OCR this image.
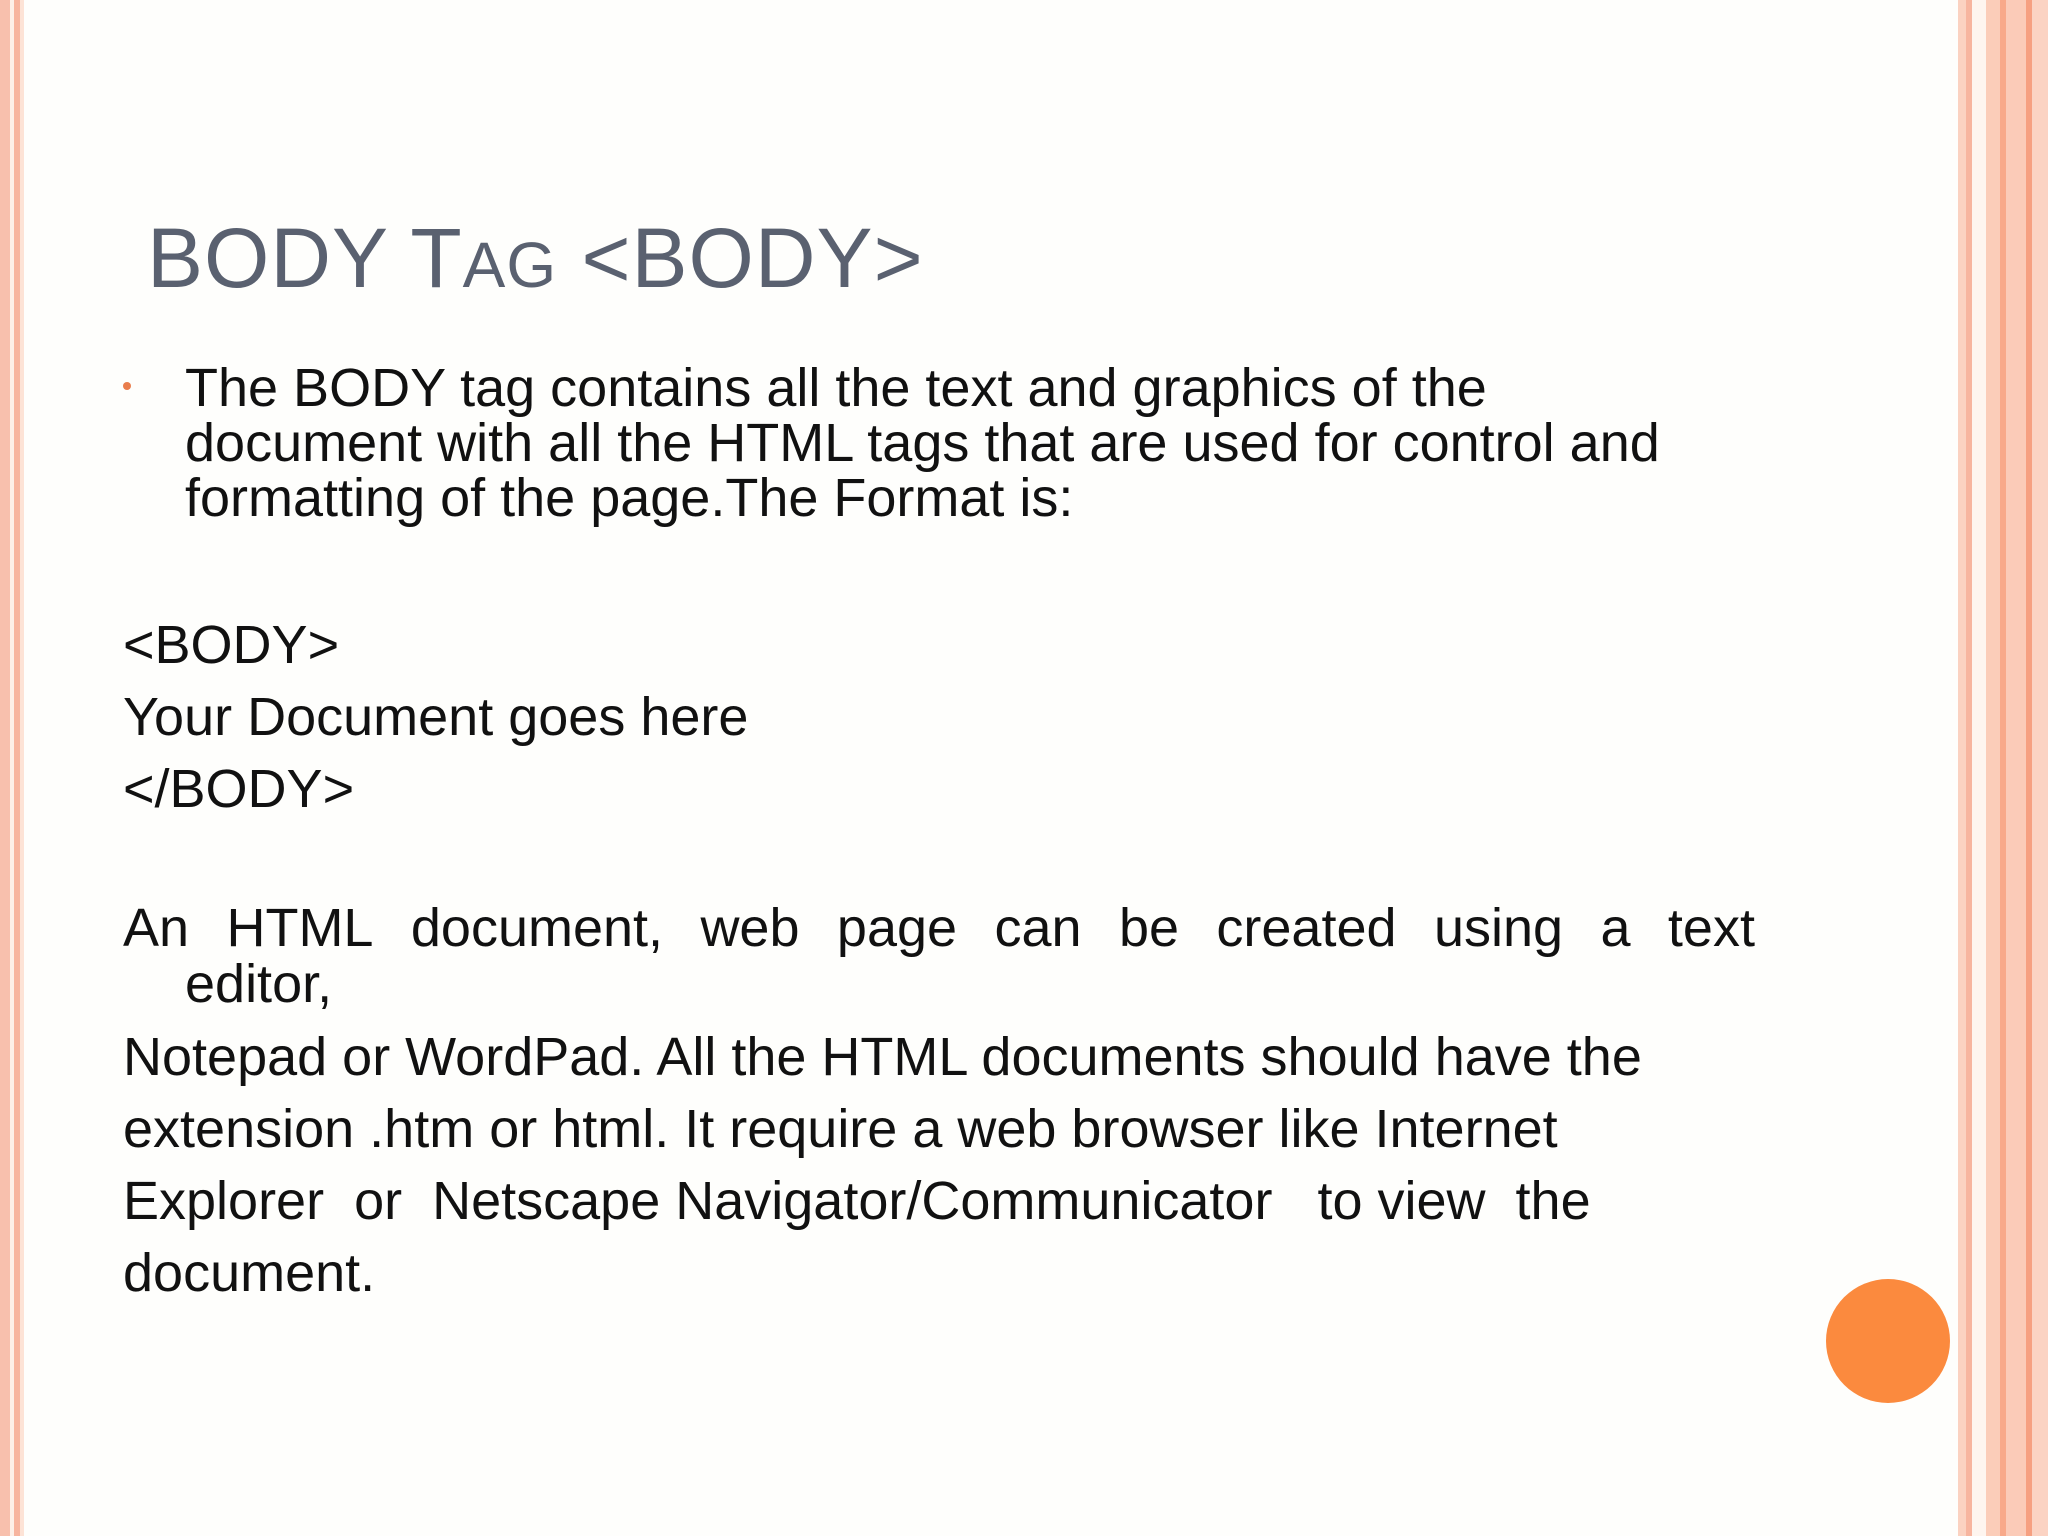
BODY TAG <BODY>
The BODY tag contains all the text and graphics of the
document with all the HTML tags that are used for control and
formatting of the page.The Format is:
<BODY>
Your Document goes here
</BODY>
An HTML document, web page can be created using a text
editor,
Notepad or WordPad. All the HTML documents should have the
extension .htm or html. It require a web browser like Internet
Explorer  or  Netscape Navigator/Communicator   to view  the
document.
